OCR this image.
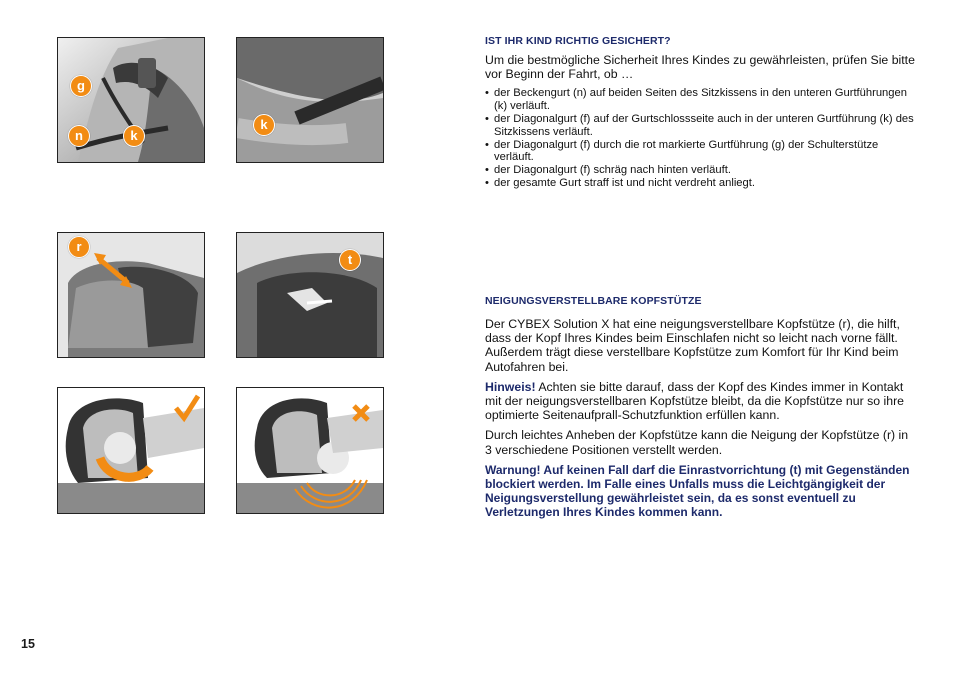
g
n	k
k
r
t
IST IHR KIND RICHTIG GESICHERT?

Um die bestmögliche Sicherheit Ihres Kindes zu gewährleisten, prüfen Sie bitte vor Beginn der Fahrt, ob …

• der Beckengurt (n) auf beiden Seiten des Sitzkissens in den unteren Gurtführungen (k) verläuft.
• der Diagonalgurt (f) auf der Gurtschlossseite auch in der unteren Gurtführung (k) des Sitzkissens verläuft.
• der Diagonalgurt (f) durch die rot markierte Gurtführung (g) der Schulterstütze verläuft.
• der Diagonalgurt (f) schräg nach hinten verläuft.
• der gesamte Gurt straff ist und nicht verdreht anliegt.
NEIGUNGSVERSTELLBARE KOPFSTÜTZE

Der CYBEX Solution X hat eine neigungsverstellbare Kopfstütze (r), die hilft, dass der Kopf Ihres Kindes beim Einschlafen nicht so leicht nach vorne fällt. Außerdem trägt diese verstellbare Kopfstütze zum Komfort für Ihr Kind beim Autofahren bei.

Hinweis! Achten sie bitte darauf, dass der Kopf des Kindes immer in Kontakt mit der neigungsverstellbaren Kopfstütze bleibt, da die Kopfstütze nur so ihre optimierte Seitenaufprall-Schutzfunktion erfüllen kann.

Durch leichtes Anheben der Kopfstütze kann die Neigung der Kopfstütze (r) in 3 verschiedene Positionen verstellt werden.

Warnung! Auf keinen Fall darf die Einrastvorrichtung (t) mit Gegenständen blockiert werden. Im Falle eines Unfalls muss die Leichtgängigkeit der Neigungsverstellung gewährleistet sein, da es sonst eventuell zu Verletzungen Ihres Kindes kommen kann.

15
